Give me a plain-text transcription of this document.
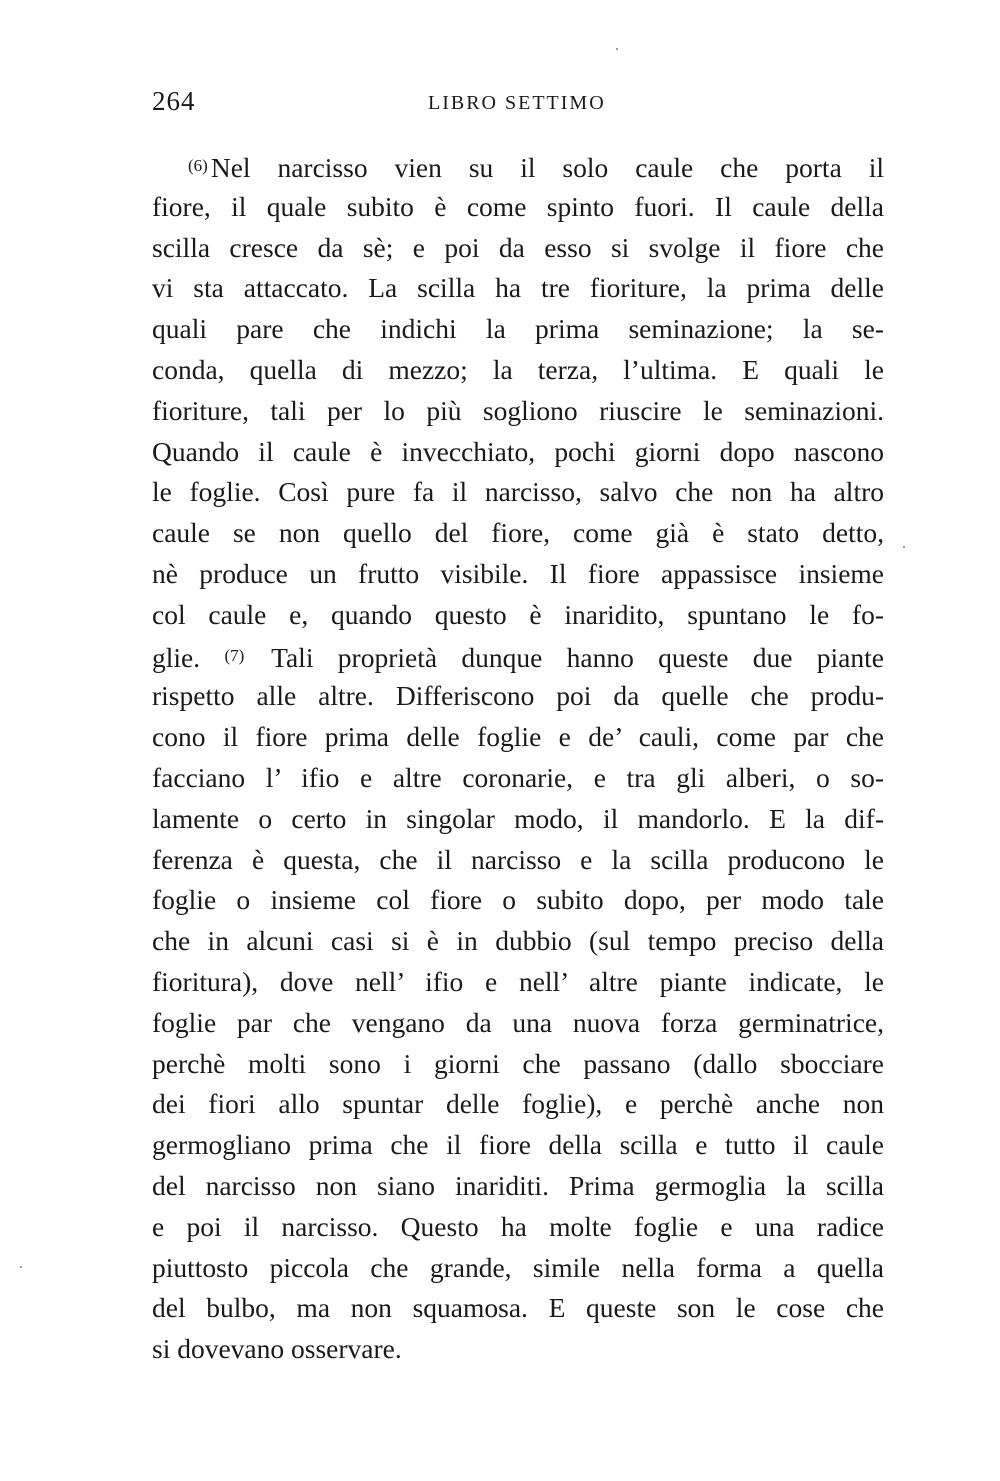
264	LIBRO SETTIMO
$^{(6)}$ Nel narcisso vien su il solo caule che porta il
fiore, il quale subito è come spinto fuori. Il caule della
scilla cresce da sè; e poi da esso si svolge il fiore che
vi sta attaccato. La scilla ha tre fioriture, la prima delle
quali pare che indichi la prima seminazione; la se-
conda, quella di mezzo; la terza, l’ultima. E quali le
fioriture, tali per lo più sogliono riuscire le seminazioni.
Quando il caule è invecchiato, pochi giorni dopo nascono
le foglie. Così pure fa il narcisso, salvo che non ha altro
caule se non quello del fiore, come già è stato detto,
nè produce un frutto visibile. Il fiore appassisce insieme
col caule e, quando questo è inaridito, spuntano le fo-
glie. $^{(7)}$ Tali proprietà dunque hanno queste due piante
rispetto alle altre. Differiscono poi da quelle che produ-
cono il fiore prima delle foglie e de’ cauli, come par che
facciano l’ ifio e altre coronarie, e tra gli alberi, o so-
lamente o certo in singolar modo, il mandorlo. E la dif-
ferenza è questa, che il narcisso e la scilla producono le
foglie o insieme col fiore o subito dopo, per modo tale
che in alcuni casi si è in dubbio (sul tempo preciso della
fioritura), dove nell’ ifio e nell’ altre piante indicate, le
foglie par che vengano da una nuova forza germinatrice,
perchè molti sono i giorni che passano (dallo sbocciare
dei fiori allo spuntar delle foglie), e perchè anche non
germogliano prima che il fiore della scilla e tutto il caule
del narcisso non siano inariditi. Prima germoglia la scilla
e poi il narcisso. Questo ha molte foglie e una radice
piuttosto piccola che grande, simile nella forma a quella
del bulbo, ma non squamosa. E queste son le cose che
si dovevano osservare.
